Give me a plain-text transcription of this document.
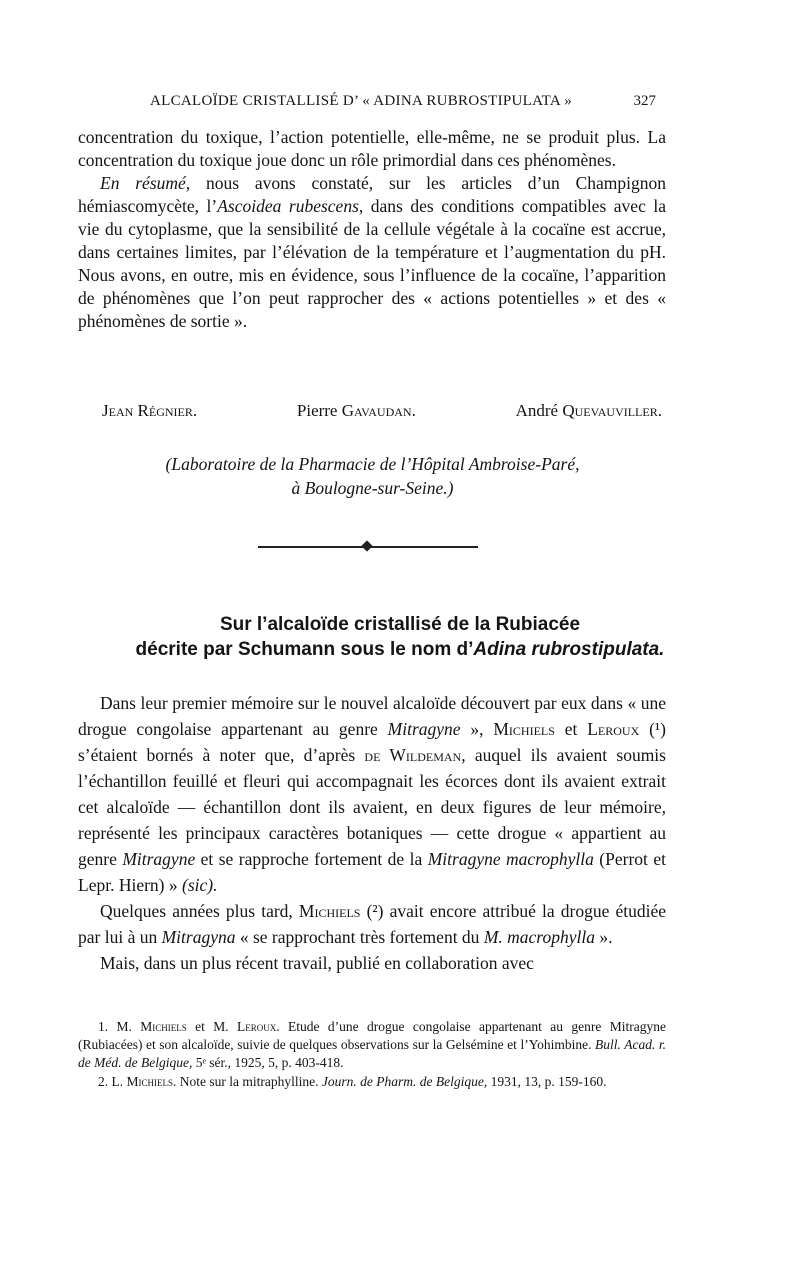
ALCALOÏDE CRISTALLISÉ D’ « ADINA RUBROSTIPULATA »	327

concentration du toxique, l’action potentielle, elle-même, ne se produit plus. La concentration du toxique joue donc un rôle primordial dans ces phénomènes.

En résumé, nous avons constaté, sur les articles d’un Champignon hémiascomycète, l’Ascoidea rubescens, dans des conditions compatibles avec la vie du cytoplasme, que la sensibilité de la cellule végétale à la cocaïne est accrue, dans certaines limites, par l’élévation de la température et l’augmentation du pH. Nous avons, en outre, mis en évidence, sous l’influence de la cocaïne, l’apparition de phénomènes que l’on peut rapprocher des « actions potentielles » et des « phénomènes de sortie ».

Jean Régnier.	Pierre Gavaudan.	André Quevauviller.
(Laboratoire de la Pharmacie de l’Hôpital Ambroise-Paré,
à Boulogne-sur-Seine.)
Sur l’alcaloïde cristallisé de la Rubiacée
décrite par Schumann sous le nom d’Adina rubrostipulata.

Dans leur premier mémoire sur le nouvel alcaloïde découvert par eux dans « une drogue congolaise appartenant au genre Mitragyne », Michiels et Leroux (¹) s’étaient bornés à noter que, d’après de Wildeman, auquel ils avaient soumis l’échantillon feuillé et fleuri qui accompagnait les écorces dont ils avaient extrait cet alcaloïde — échantillon dont ils avaient, en deux figures de leur mémoire, représenté les principaux caractères botaniques — cette drogue « appartient au genre Mitragyne et se rapproche fortement de la Mitragyne macrophylla (Perrot et Lepr. Hiern) » (sic).

Quelques années plus tard, Michiels (²) avait encore attribué la drogue étudiée par lui à un Mitragyna « se rapprochant très fortement du M. macrophylla ».

Mais, dans un plus récent travail, publié en collaboration avec

1. M. Michiels et M. Leroux. Etude d’une drogue congolaise appartenant au genre Mitragyne (Rubiacées) et son alcaloïde, suivie de quelques observations sur la Gelsémine et l’Yohimbine. Bull. Acad. r. de Méd. de Belgique, 5ᵉ sér., 1925, 5, p. 403-418.

2. L. Michiels. Note sur la mitraphylline. Journ. de Pharm. de Belgique, 1931, 13, p. 159-160.
